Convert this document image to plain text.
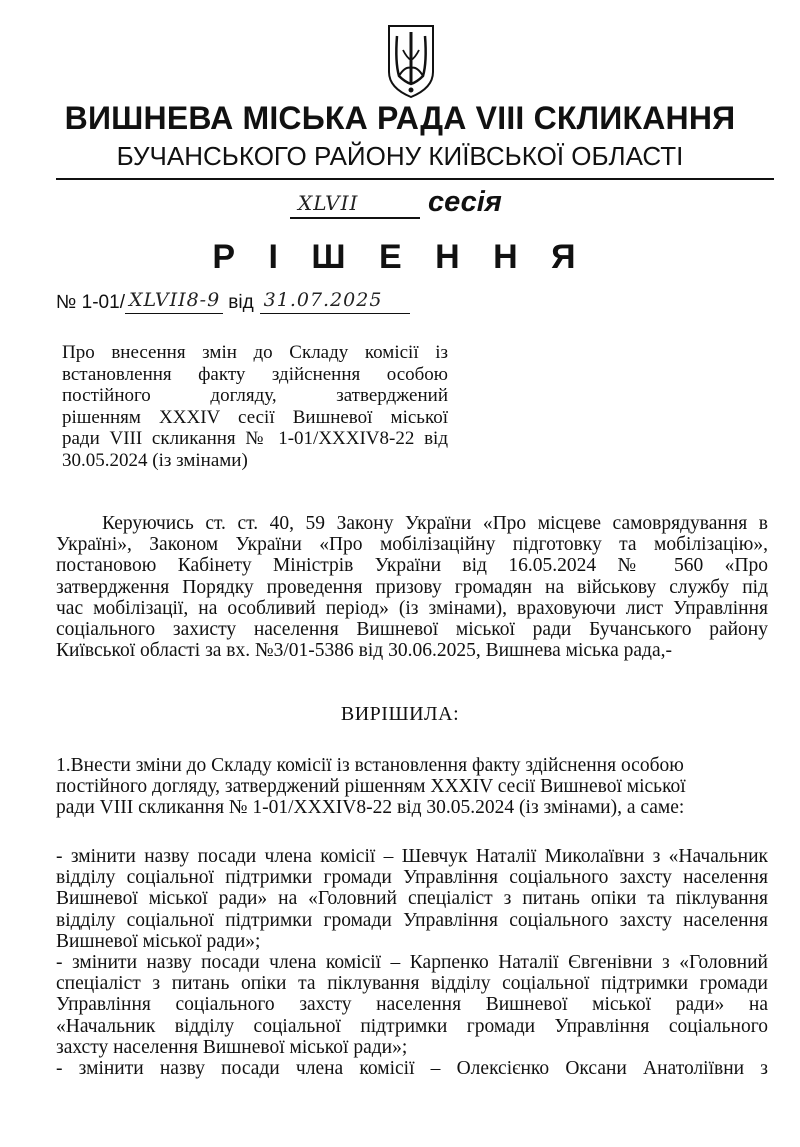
ВИШНЕВА МІСЬКА РАДА VIII СКЛИКАННЯ
БУЧАНСЬКОГО РАЙОНУ КИЇВСЬКОЇ ОБЛАСТІ
XLVII сесія
Р І Ш Е Н Н Я
№ 1-01/ XLVII8-9 від 31.07.2025
Про внесення змін до Складу комісії із
встановлення факту здійснення особою
постійного догляду, затверджений
рішенням XXXIV сесії Вишневої міської
ради VIII скликання № 1-01/XXXIV8-22 від
30.05.2024 (із змінами)
Керуючись ст. ст. 40, 59 Закону України «Про місцеве самоврядування в
Україні», Законом України «Про мобілізаційну підготовку та мобілізацію»,
постановою Кабінету Міністрів України від 16.05.2024 № 560 «Про
затвердження Порядку проведення призову громадян на військову службу під
час мобілізації, на особливий період» (із змінами), враховуючи лист Управління
соціального захисту населення Вишневої міської ради Бучанського району
Київської області за вх. №3/01-5386 від 30.06.2025, Вишнева міська рада,-
ВИРІШИЛА:
1.Внести зміни до Складу комісії із встановлення факту здійснення особою
постійного догляду, затверджений рішенням XXXIV сесії Вишневої міської
ради VIII скликання № 1-01/XXXIV8-22 від 30.05.2024 (із змінами), а саме:
- змінити назву посади члена комісії – Шевчук Наталії Миколаївни з «Начальник
відділу соціальної підтримки громади Управління соціального захсту населення
Вишневої міської ради» на «Головний спеціаліст з питань опіки та піклування
відділу соціальної підтримки громади Управління соціального захсту населення
Вишневої міської ради»;
- змінити назву посади члена комісії – Карпенко Наталії Євгенівни з «Головний
спеціаліст з питань опіки та піклування відділу соціальної підтримки громади
Управління соціального захсту населення Вишневої міської ради» на
«Начальник відділу соціальної підтримки громади Управління соціального
захсту населення Вишневої міської ради»;
- змінити назву посади члена комісії – Олексієнко Оксани Анатоліївни з
